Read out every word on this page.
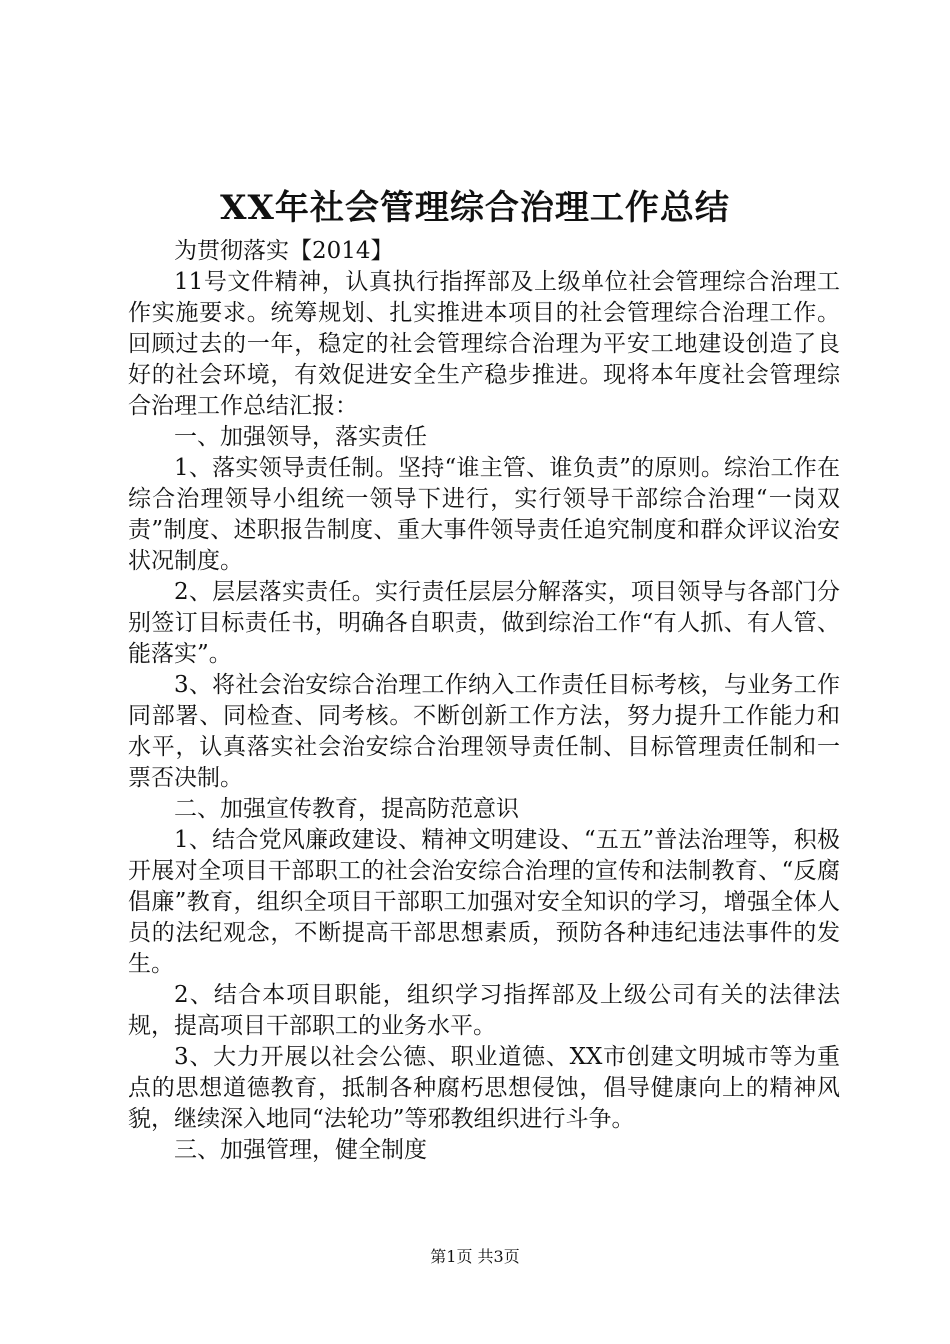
XX年社会管理综合治理工作总结

为贯彻落实【2014】

11号文件精神，认真执行指挥部及上级单位社会管理综合治理工作实施要求。统筹规划、扎实推进本项目的社会管理综合治理工作。回顾过去的一年，稳定的社会管理综合治理为平安工地建设创造了良好的社会环境，有效促进安全生产稳步推进。现将本年度社会管理综合治理工作总结汇报：

一、加强领导，落实责任

1、落实领导责任制。坚持“谁主管、谁负责”的原则。综治工作在综合治理领导小组统一领导下进行，实行领导干部综合治理“一岗双责”制度、述职报告制度、重大事件领导责任追究制度和群众评议治安状况制度。

2、层层落实责任。实行责任层层分解落实，项目领导与各部门分别签订目标责任书，明确各自职责，做到综治工作“有人抓、有人管、能落实”。

3、将社会治安综合治理工作纳入工作责任目标考核，与业务工作同部署、同检查、同考核。不断创新工作方法，努力提升工作能力和水平，认真落实社会治安综合治理领导责任制、目标管理责任制和一票否决制。

二、加强宣传教育，提高防范意识

1、结合党风廉政建设、精神文明建设、“五五”普法治理等，积极开展对全项目干部职工的社会治安综合治理的宣传和法制教育、“反腐倡廉”教育，组织全项目干部职工加强对安全知识的学习，增强全体人员的法纪观念，不断提高干部思想素质，预防各种违纪违法事件的发生。

2、结合本项目职能，组织学习指挥部及上级公司有关的法律法规，提高项目干部职工的业务水平。

3、大力开展以社会公德、职业道德、XX市创建文明城市等为重点的思想道德教育，抵制各种腐朽思想侵蚀，倡导健康向上的精神风貌，继续深入地同“法轮功”等邪教组织进行斗争。

三、加强管理，健全制度

第1页 共3页
